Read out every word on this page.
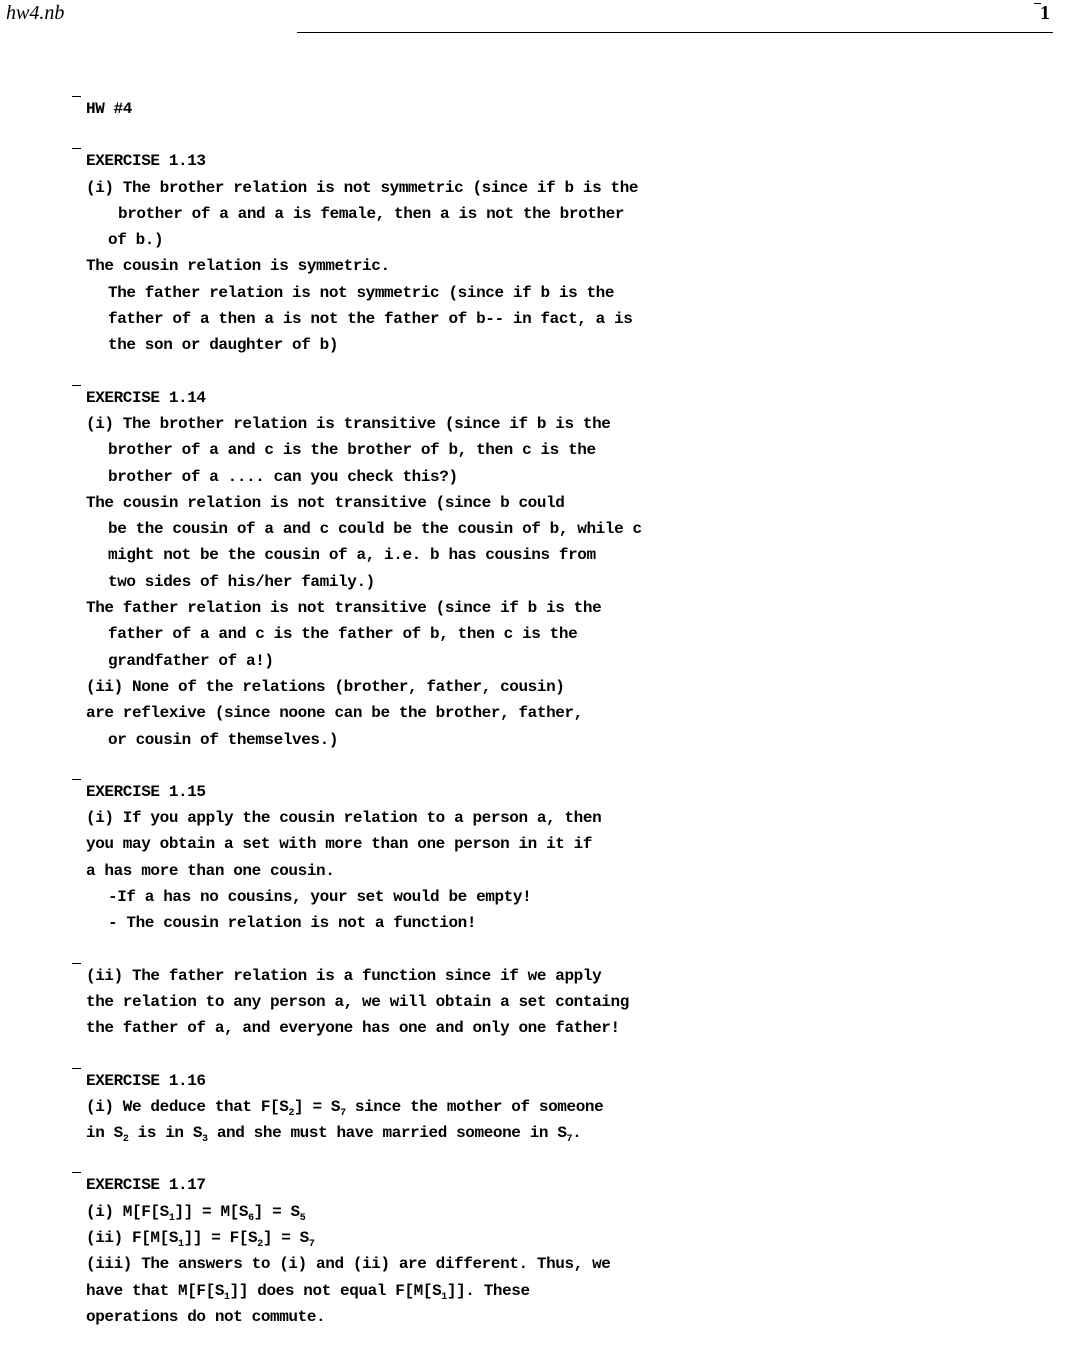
hw4.nb	1
HW #4
EXERCISE 1.13
(i) The brother relation is not symmetric (since if b is the
brother of a and a is female, then a is not the brother
of b.)
The cousin relation is symmetric.
The father relation is not symmetric (since if b is the
father of a then a is not the father of b-- in fact, a is
the son or daughter of b)
EXERCISE 1.14
(i) The brother relation is transitive (since if b is the
brother of a and c is the brother of b, then c is the
brother of a .... can you check this?)
The cousin relation is not transitive (since b could
be the cousin of a and c could be the cousin of b, while c
might not be the cousin of a, i.e. b has cousins from
two sides of his/her family.)
The father relation is not transitive (since if b is the
father of a and c is the father of b, then c is the
grandfather of a!)
(ii) None of the relations (brother, father, cousin)
are reflexive (since noone can be the brother, father,
or cousin of themselves.)
EXERCISE 1.15
(i) If you apply the cousin relation to a person a, then
you may obtain a set with more than one person in it if
a has more than one cousin.
-If a has no cousins, your set would be empty!
- The cousin relation is not a function!
(ii) The father relation is a function since if we apply
the relation to any person a, we will obtain a set containg
the father of a, and everyone has one and only one father!
EXERCISE 1.16
(i) We deduce that $F[S_2] = S_7$ since the mother of someone
in $S_2$ is in $S_3$ and she must have married someone in $S_7$.
EXERCISE 1.17
(i) $M[F[S_1]] = M[S_6] = S_5$
(ii) $F[M[S_1]] = F[S_2] = S_7$
(iii) The answers to (i) and (ii) are different. Thus, we
have that $M[F[S_1]]$ does not equal $F[M[S_1]]$. These
operations do not commute.
